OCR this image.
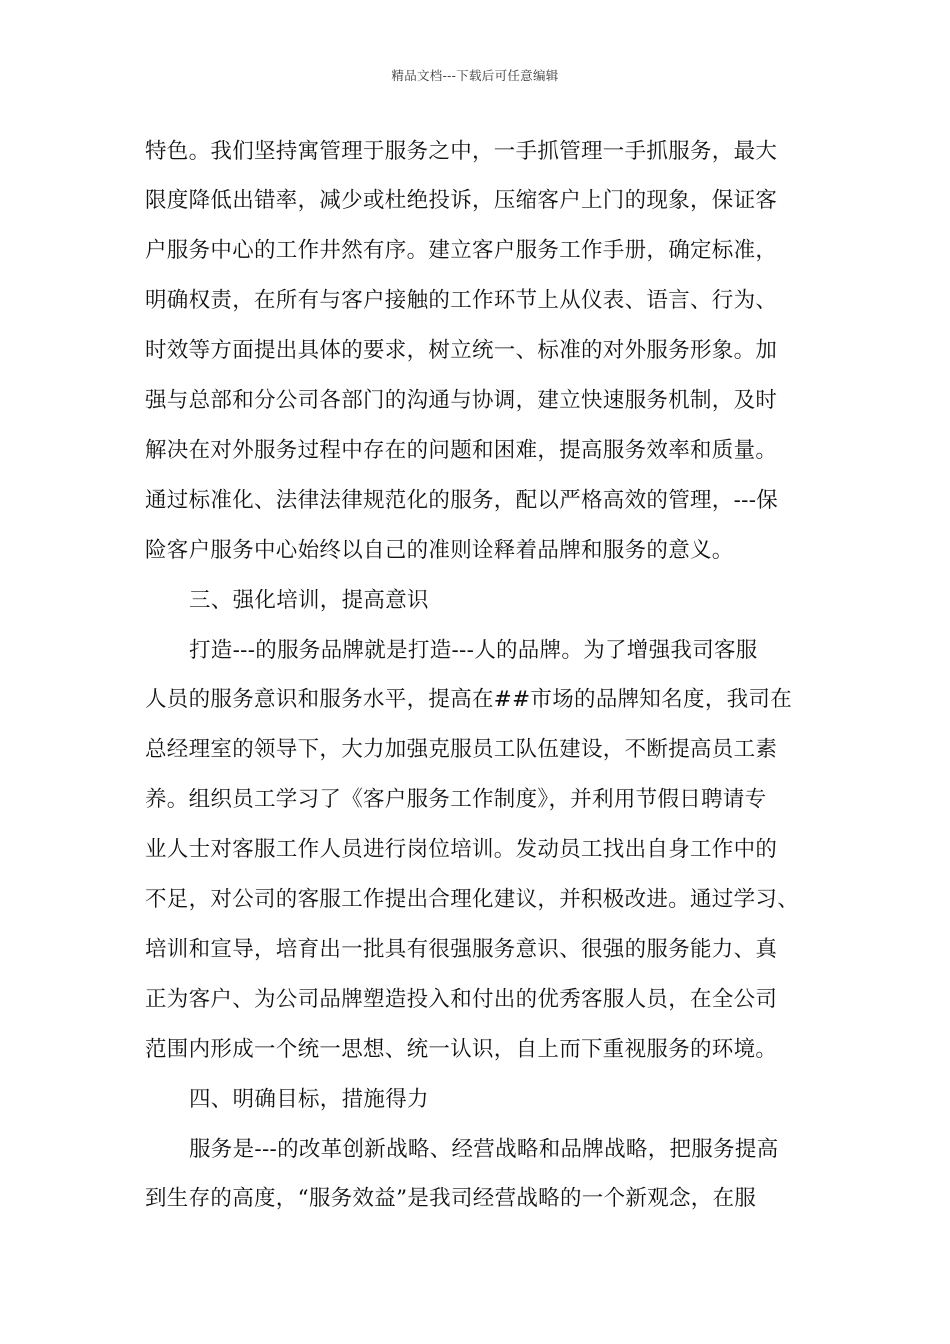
精品文档---下载后可任意编辑
特色。我们坚持寓管理于服务之中，一手抓管理一手抓服务，最大
限度降低出错率，减少或杜绝投诉，压缩客户上门的现象，保证客
户服务中心的工作井然有序。建立客户服务工作手册，确定标准，
明确权责，在所有与客户接触的工作环节上从仪表、语言、行为、
时效等方面提出具体的要求，树立统一、标准的对外服务形象。加
强与总部和分公司各部门的沟通与协调，建立快速服务机制，及时
解决在对外服务过程中存在的问题和困难，提高服务效率和质量。
通过标准化、法律法律规范化的服务，配以严格高效的管理，---保
险客户服务中心始终以自己的准则诠释着品牌和服务的意义。
三、强化培训，提高意识
打造---的服务品牌就是打造---人的品牌。为了增强我司客服
人员的服务意识和服务水平，提高在##市场的品牌知名度，我司在
总经理室的领导下，大力加强克服员工队伍建设，不断提高员工素
养。组织员工学习了《客户服务工作制度》，并利用节假日聘请专
业人士对客服工作人员进行岗位培训。发动员工找出自身工作中的
不足，对公司的客服工作提出合理化建议，并积极改进。通过学习、
培训和宣导，培育出一批具有很强服务意识、很强的服务能力、真
正为客户、为公司品牌塑造投入和付出的优秀客服人员，在全公司
范围内形成一个统一思想、统一认识，自上而下重视服务的环境。
四、明确目标，措施得力
服务是---的改革创新战略、经营战略和品牌战略，把服务提高
到生存的高度，“服务效益”是我司经营战略的一个新观念，在服
